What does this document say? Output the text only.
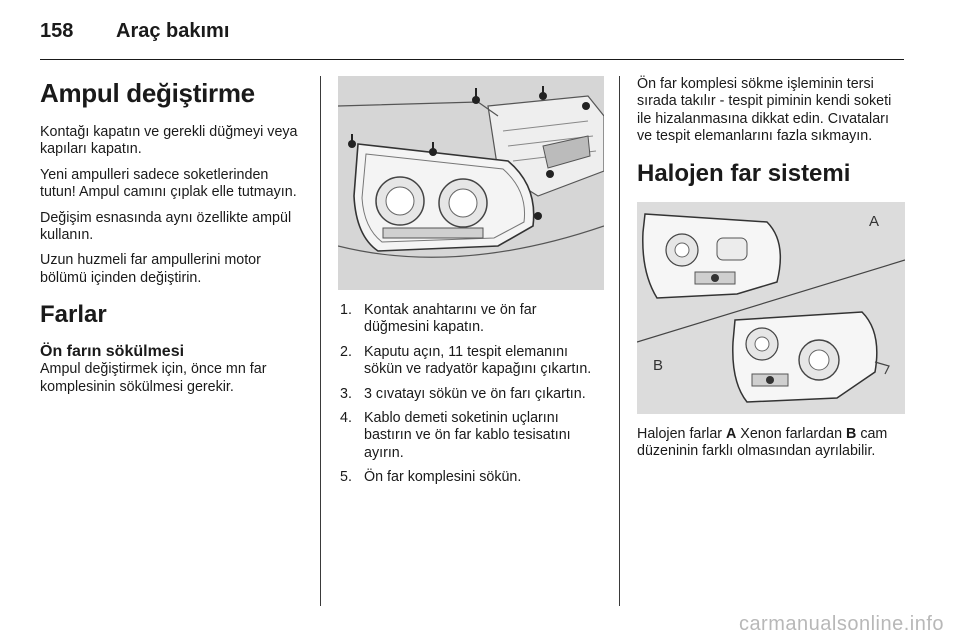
158	Araç bakımı
Ampul değiştirme

Kontağı kapatın ve gerekli düğmeyi veya kapıları kapatın.

Yeni ampulleri sadece soketlerinden tutun! Ampul camını çıplak elle tutmayın.

Değişim esnasında aynı özellikte ampül kullanın.

Uzun huzmeli far ampullerini motor bölümü içinden değiştirin.

Farlar
Ön farın sökülmesi

Ampul değiştirmek için, önce mn far komplesinin sökülmesi gerekir.

1. Kontak anahtarını ve ön far düğmesini kapatın.
2. Kaputu açın, 11 tespit elemanını sökün ve radyatör kapağını çıkartın.
3. 3 cıvatayı sökün ve ön farı çıkartın.
4. Kablo demeti soketinin uçlarını bastırın ve ön far kablo tesisatını ayırın.
5. Ön far komplesini sökün.

Ön far komplesi sökme işleminin tersi sırada takılır - tespit piminin kendi soketi ile hizalanmasına dikkat edin. Cıvataları ve tespit elemanlarını fazla sıkmayın.

Halojen far sistemi
A
B
Halojen farlar A Xenon farlardan B cam düzeninin farklı olmasından ayrılabilir.
carmanualsonline.info
